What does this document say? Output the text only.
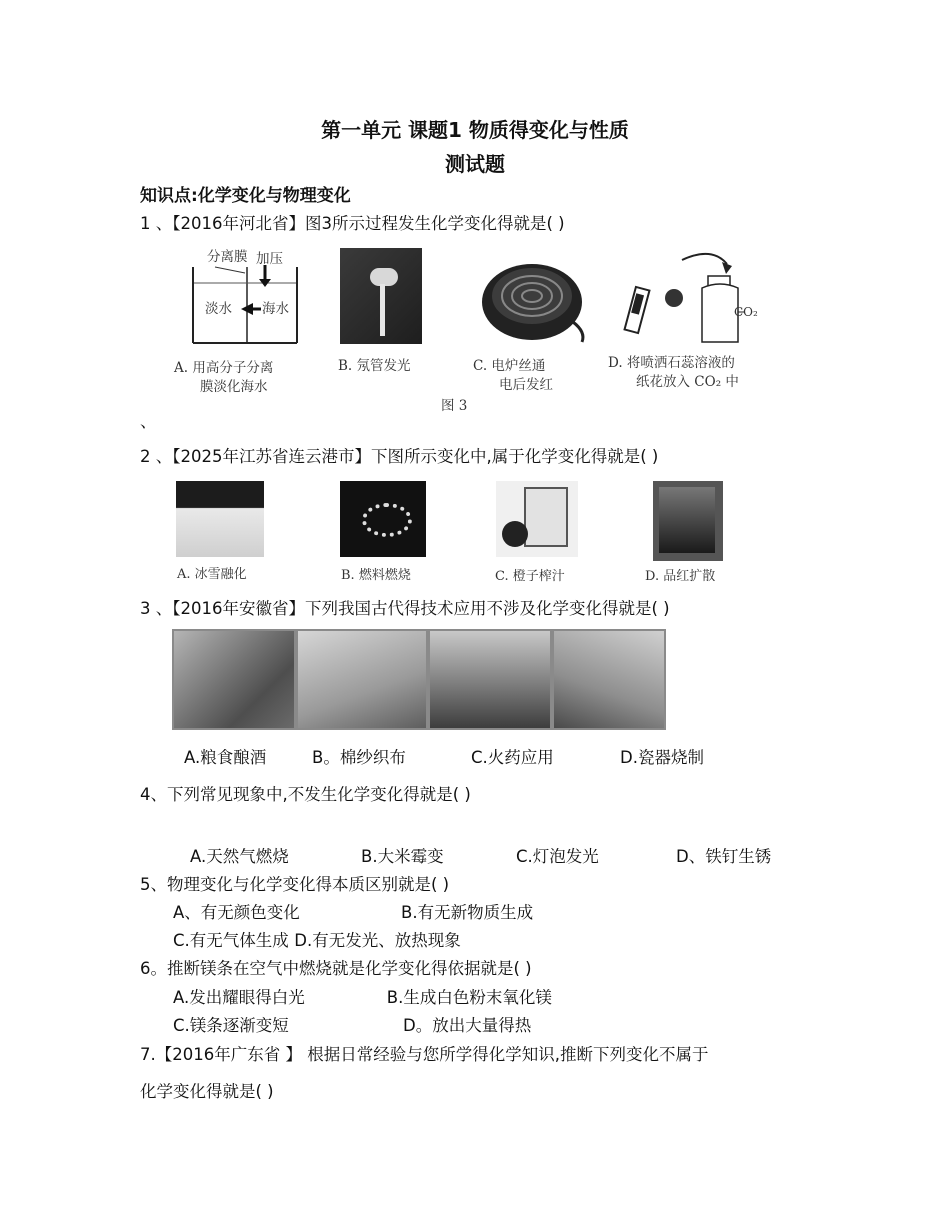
第一单元 课题1 物质得变化与性质
测试题
知识点:化学变化与物理变化
1 、【2016年河北省】图3所示过程发生化学变化得就是( )
分离膜 加压
淡水 海水	CO₂
A. 用高分子分离
膜淡化海水
B. 氖管发光	C. 电炉丝通
电后发红
D. 将喷洒石蕊溶液的
纸花放入 CO₂ 中
图 3
、
2 、【2025年江苏省连云港市】下图所示变化中,属于化学变化得就是( )
A. 冰雪融化	B. 燃料燃烧	C. 橙子榨汁	D. 品红扩散
3 、【2016年安徽省】下列我国古代得技术应用不涉及化学变化得就是( )
A.粮食酿酒	B。棉纱织布	C.火药应用	D.瓷器烧制
4、下列常见现象中,不发生化学变化得就是( )
A.天然气燃烧	B.大米霉变	C.灯泡发光	D、铁钉生锈
5、物理变化与化学变化得本质区别就是( )
A、有无颜色变化	B.有无新物质生成  
C.有无气体生成  D.有无发光、放热现象
6。推断镁条在空气中燃烧就是化学变化得依据就是( )
A.发出耀眼得白光	 B.生成白色粉末氧化镁
C.镁条逐渐变短	D。放出大量得热
7.【2016年广东省 】 根据日常经验与您所学得化学知识,推断下列变化不属于
化学变化得就是( )
